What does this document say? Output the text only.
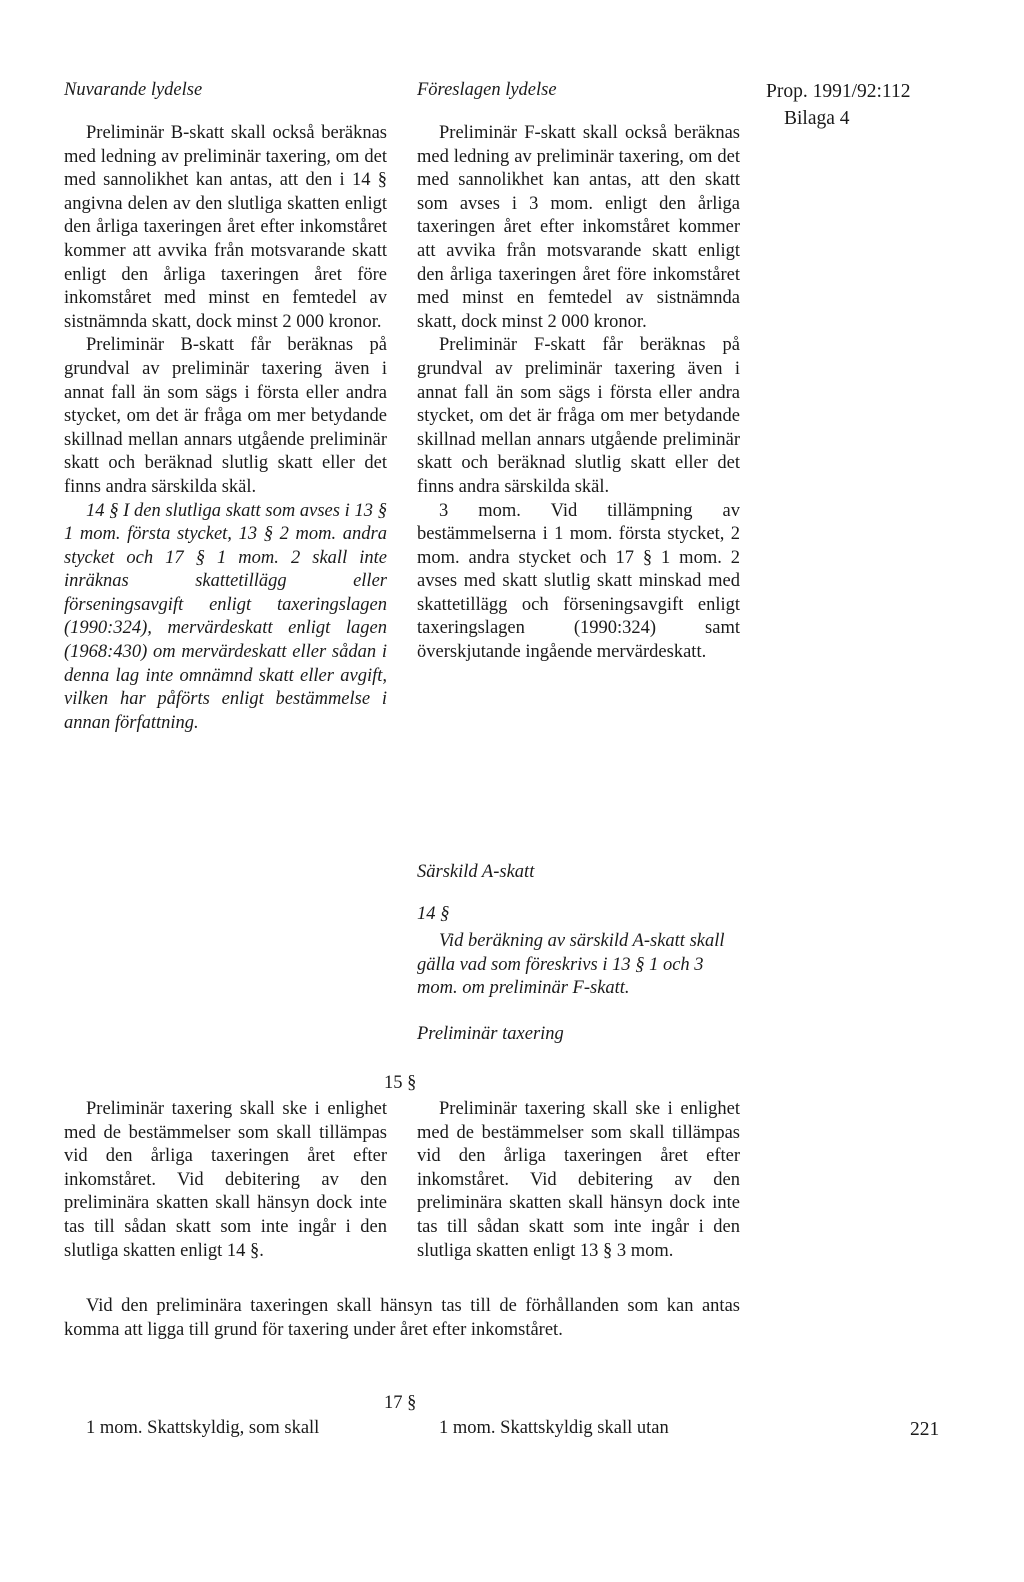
Nuvarande lydelse	Föreslagen lydelse	Prop. 1991/92:112
Bilaga 4

Preliminär B-skatt skall också beräknas med ledning av preliminär taxering, om det med sannolikhet kan antas, att den i 14 § angivna delen av den slutliga skatten enligt den årliga taxeringen året efter inkomståret kommer att avvika från motsvarande skatt enligt den årliga taxeringen året före inkomståret med minst en femtedel av sistnämnda skatt, dock minst 2 000 kronor.

Preliminär B-skatt får beräknas på grundval av preliminär taxering även i annat fall än som sägs i första eller andra stycket, om det är fråga om mer betydande skillnad mellan annars utgående preliminär skatt och beräknad slutlig skatt eller det finns andra särskilda skäl.

14 § I den slutliga skatt som avses i 13 § 1 mom. första stycket, 13 § 2 mom. andra stycket och 17 § 1 mom. 2 skall inte inräknas skattetillägg eller förseningsavgift enligt taxeringslagen (1990:324), mervärdeskatt enligt lagen (1968:430) om mervärdeskatt eller sådan i denna lag inte omnämnd skatt eller avgift, vilken har påförts enligt bestämmelse i annan författning.

Preliminär F-skatt skall också beräknas med ledning av preliminär taxering, om det med sannolikhet kan antas, att den skatt som avses i 3 mom. enligt den årliga taxeringen året efter inkomståret kommer att avvika från motsvarande skatt enligt den årliga taxeringen året före inkomståret med minst en femtedel av sistnämnda skatt, dock minst 2 000 kronor.

Preliminär F-skatt får beräknas på grundval av preliminär taxering även i annat fall än som sägs i första eller andra stycket, om det är fråga om mer betydande skillnad mellan annars utgående preliminär skatt och beräknad slutlig skatt eller det finns andra särskilda skäl.

3 mom. Vid tillämpning av bestämmelserna i 1 mom. första stycket, 2 mom. andra stycket och 17 § 1 mom. 2 avses med skatt slutlig skatt minskad med skattetillägg och förseningsavgift enligt taxeringslagen (1990:324) samt överskjutande ingående mervärdeskatt.

Särskild A-skatt
14 §
Vid beräkning av särskild A-skatt skall gälla vad som föreskrivs i 13 § 1 och 3 mom. om preliminär F-skatt.
Preliminär taxering
15 §

Preliminär taxering skall ske i enlighet med de bestämmelser som skall tillämpas vid den årliga taxeringen året efter inkomståret. Vid debitering av den preliminära skatten skall hänsyn dock inte tas till sådan skatt som inte ingår i den slutliga skatten enligt 14 §.

Preliminär taxering skall ske i enlighet med de bestämmelser som skall tillämpas vid den årliga taxeringen året efter inkomståret. Vid debitering av den preliminära skatten skall hänsyn dock inte tas till sådan skatt som inte ingår i den slutliga skatten enligt 13 § 3 mom.

Vid den preliminära taxeringen skall hänsyn tas till de förhållanden som kan antas komma att ligga till grund för taxering under året efter inkomståret.
17 §
1 mom. Skattskyldig, som skall	1 mom. Skattskyldig skall utan	221
